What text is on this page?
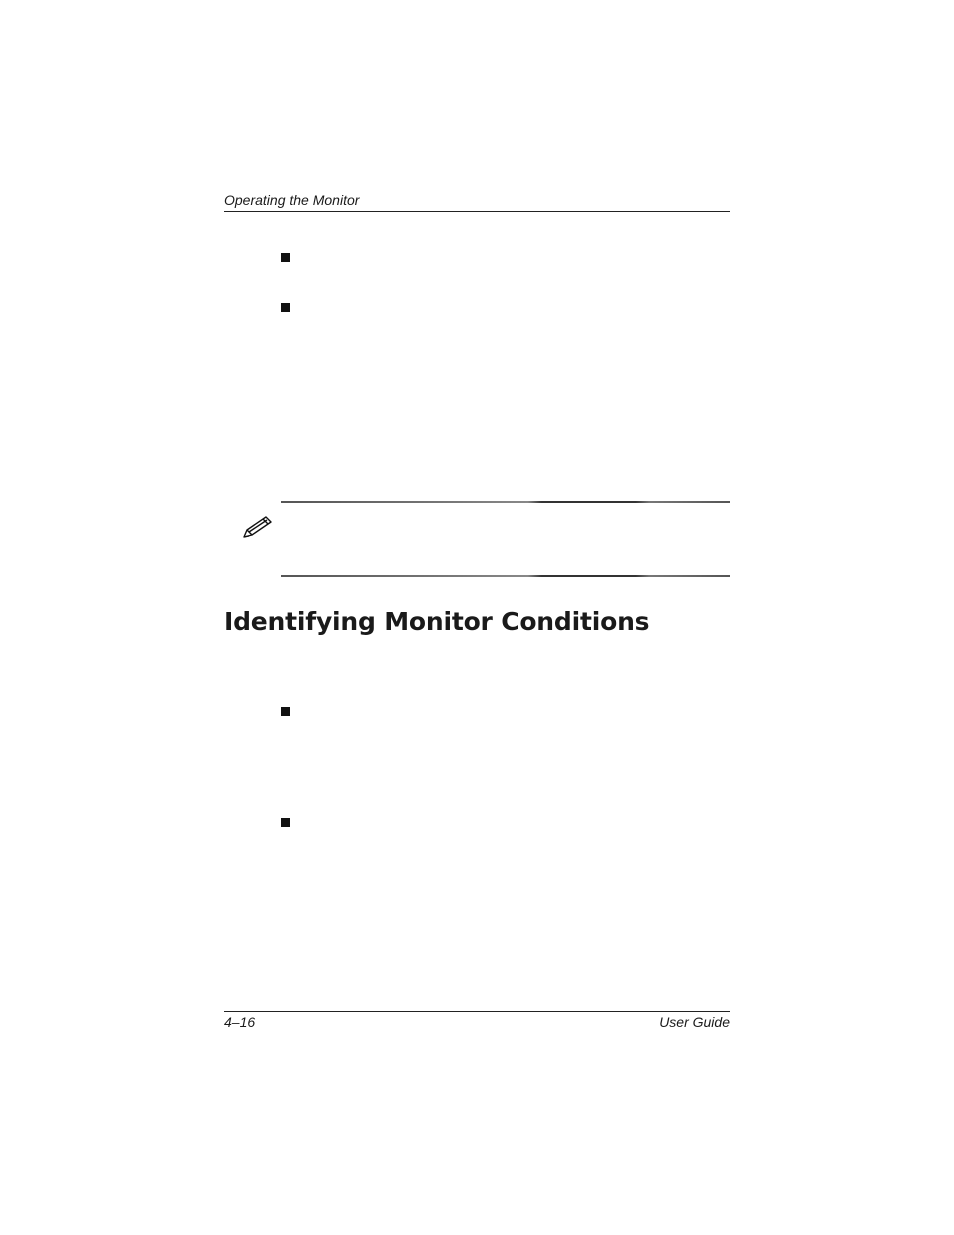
Operating the Monitor
Identifying Monitor Conditions
4–16	User Guide
